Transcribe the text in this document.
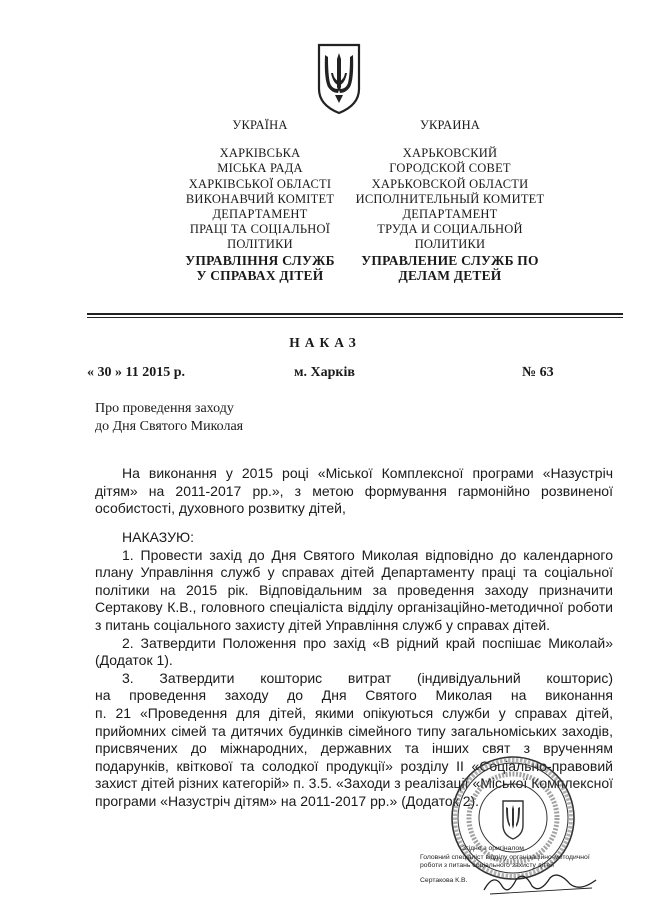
УКРАЇНА
ХАРКІВСЬКА
МІСЬКА РАДА
ХАРКІВСЬКОЇ ОБЛАСТІ
ВИКОНАВЧИЙ КОМІТЕТ
ДЕПАРТАМЕНТ
ПРАЦІ ТА СОЦІАЛЬНОЇ
ПОЛІТИКИ
УПРАВЛІННЯ СЛУЖБ
У СПРАВАХ ДІТЕЙ
УКРАИНА
ХАРЬКОВСКИЙ
ГОРОДСКОЙ СОВЕТ
ХАРЬКОВСКОЙ ОБЛАСТИ
ИСПОЛНИТЕЛЬНЫЙ КОМИТЕТ
ДЕПАРТАМЕНТ
ТРУДА И СОЦИАЛЬНОЙ
ПОЛИТИКИ
УПРАВЛЕНИЕ СЛУЖБ ПО
ДЕЛАМ ДЕТЕЙ
НАКАЗ
« 30 » 11 2015 р.	м. Харків	№ 63
Про проведення заходу
до Дня Святого Миколая

На виконання у 2015 році «Міської Комплексної програми «Назустріч дітям» на 2011-2017 рр.», з метою формування гармонійно розвиненої особистості, духовного розвитку дітей,

НАКАЗУЮ:

1. Провести захід до Дня Святого Миколая відповідно до календарного плану Управління служб у справах дітей Департаменту праці та соціальної політики на 2015 рік. Відповідальним за проведення заходу призначити Сертакову К.В., головного спеціаліста відділу організаційно-методичної роботи з питань соціального захисту дітей Управління служб у справах дітей.

2. Затвердити Положення про захід «В рідний край поспішає Миколай» (Додаток 1).

3. Затвердити кошторис витрат (індивідуальний кошторис)

на проведення заходу до Дня Святого Миколая на виконання

п. 21 «Проведення для дітей, якими опікуються служби у справах дітей, прийомних сімей та дитячих будинків сімейного типу загальноміських заходів, присвячених до міжнародних, державних та інших свят з врученням подарунків, квіткової та солодкої продукції» розділу II «Соціально-правовий захист дітей різних категорій» п. 3.5. «Заходи з реалізації «Міської Комплексної програми «Назустріч дітям» на 2011-2017 рр.» (Додаток 2).

Згідно з оригіналом
Головний спеціаліст відділу організаційно-методичної
роботи з питань соціального захисту дітей
Сертакова К.В.
